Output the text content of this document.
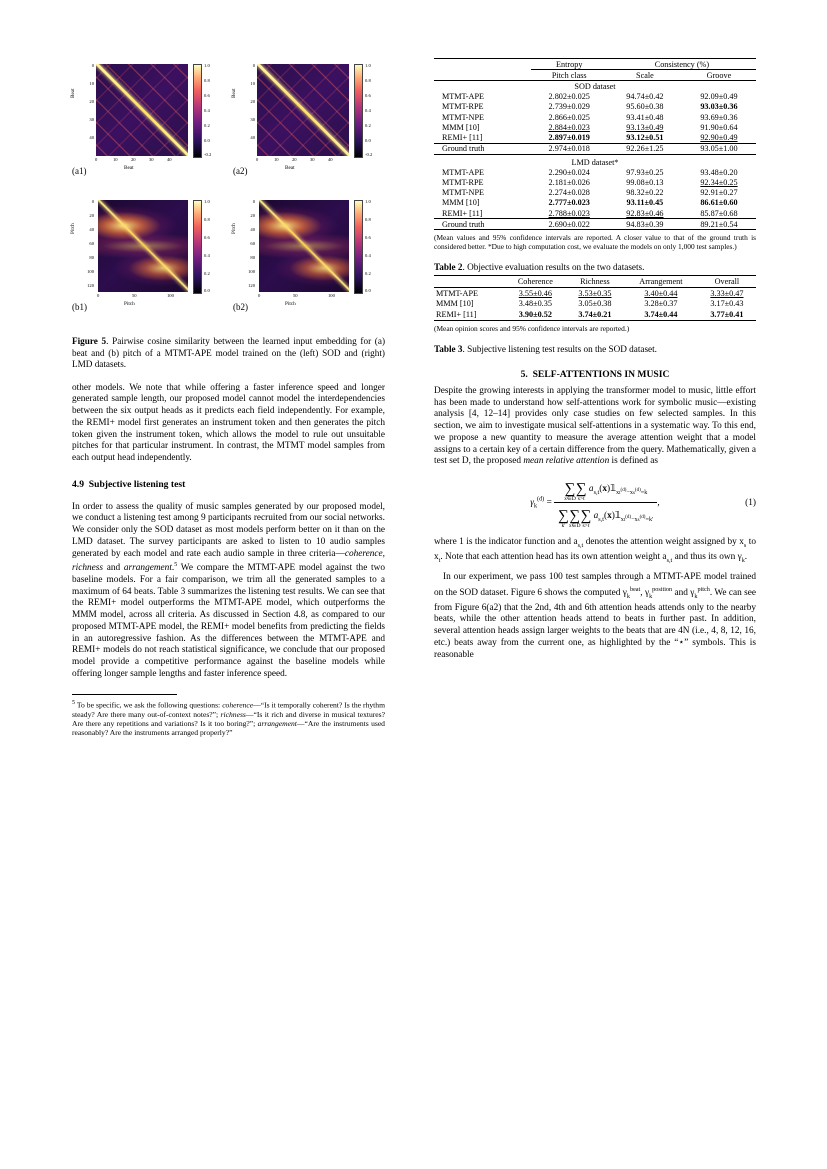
0
10
20
30
40
Beat
0	10	20	30	40
Beat
1.0
0.8
0.6
0.4
0.2
0.0
-0.2
(a1)
0
10
20
30
40
Beat
0	10	20	30	40
Beat
1.0
0.8
0.6
0.4
0.2
0.0
-0.2
(a2)
0
20
40
60
80
100
120
Pitch
0	50	100
Pitch
1.0
0.8
0.6
0.4
0.2
0.0
(b1)
0
20
40
60
80
100
120
Pitch
0	50	100
Pitch
1.0
0.8
0.6
0.4
0.2
0.0
(b2)
Figure 5. Pairwise cosine similarity between the learned input embedding for (a) beat and (b) pitch of a MTMT-APE model trained on the (left) SOD and (right) LMD datasets.
other models. We note that while offering a faster inference speed and longer generated sample length, our proposed model cannot model the interdependencies between the six output heads as it predicts each field independently. For example, the REMI+ model first generates an instrument token and then generates the pitch token given the instrument token, which allows the model to rule out unsuitable pitches for that particular instrument. In contrast, the MTMT model samples from each output head independently.
4.9 Subjective listening test
In order to assess the quality of music samples generated by our proposed model, we conduct a listening test among 9 participants recruited from our social networks. We consider only the SOD dataset as most models perform better on it than on the LMD dataset. The survey participants are asked to listen to 10 audio samples generated by each model and rate each audio sample in three criteria—coherence, richness and arrangement.$^5$ We compare the MTMT-APE model against the two baseline models. For a fair comparison, we trim all the generated samples to a maximum of 64 beats. Table 3 summarizes the listening test results. We can see that the REMI+ model outperforms the MTMT-APE model, which outperforms the MMM model, across all criteria. As discussed in Section 4.8, as compared to our proposed MTMT-APE model, the REMI+ model benefits from predicting the fields in an autoregressive fashion. As the differences between the MTMT-APE and REMI+ models do not reach statistical significance, we conclude that our proposed model provide a competitive performance against the baseline models while offering longer sample lengths and faster inference speed.
$^5$ To be specific, we ask the following questions: coherence—“Is it temporally coherent? Is the rhythm steady? Are there many out-of-context notes?”; richness—“Is it rich and diverse in musical textures? Are there any repetitions and variations? Is it too boring?”; arrangement—“Are the instruments used reasonably? Are the instruments arranged properly?”
	Entropy	Consistency (%)	
	Pitch class	Scale	Groove
SOD dataset			
MTMT-APE	2.802±0.025	94.74±0.42	92.09±0.49
MTMT-RPE	2.739±0.029	95.60±0.38	93.03±0.36
MTMT-NPE	2.866±0.025	93.41±0.48	93.69±0.36
MMM [10]	2.884±0.023	93.13±0.49	91.90±0.64
REMI+ [11]	2.897±0.019	93.12±0.51	92.90±0.49
Ground truth	2.974±0.018	92.26±1.25	93.05±1.00
LMD dataset*			
MTMT-APE	2.290±0.024	97.93±0.25	93.48±0.20
MTMT-RPE	2.181±0.026	99.08±0.13	92.34±0.25
MTMT-NPE	2.274±0.028	98.32±0.22	92.91±0.27
MMM [10]	2.777±0.023	93.11±0.45	86.61±0.60
REMI+ [11]	2.788±0.023	92.83±0.46	85.87±0.68
Ground truth	2.690±0.022	94.83±0.39	89.21±0.54
(Mean values and 95% confidence intervals are reported. A closer value to that of the ground truth is considered better. *Due to high computation cost, we evaluate the models on only 1,000 test samples.)
Table 2. Objective evaluation results on the two datasets.
	Coherence	Richness	Arrangement	Overall
MTMT-APE	3.55±0.46	3.53±0.35	3.40±0.44	3.33±0.47
MMM [10]	3.48±0.35	3.05±0.38	3.28±0.37	3.17±0.43
REMI+ [11]	3.90±0.52	3.74±0.21	3.74±0.44	3.77±0.41
(Mean opinion scores and 95% confidence intervals are reported.)
Table 3. Subjective listening test results on the SOD dataset.
5. SELF-ATTENTIONS IN MUSIC
Despite the growing interests in applying the transformer model to music, little effort has been made to understand how self-attentions work for symbolic music—existing analysis [4, 12–14] provides only case studies on few selected samples. In this section, we aim to investigate musical self-attentions in a systematic way. To this end, we propose a new quantity to measure the average attention weight that a model assigns to a certain key of a certain difference from the query. Mathematically, given a test set D, the proposed mean relative attention is defined as
$\gamma_k^{(d)}$ =
∑
x∈D

∑
s>t
$a_{s,t}(x)𝟙_{xt^{(d)}-xs^{(d)}=k}$

∑
k′

∑
x∈D

∑
s>t
$a_{s,t}(x)𝟙_{xt^{(d)}-xs^{(d)}=k'}$ ,	(1)
where 1 is the indicator function and $a_{s,t}$ denotes the attention weight assigned by $x_s$ to $x_t$. Note that each attention head has its own attention weight $a_{s,t}$ and thus its own $\gamma_k$.
In our experiment, we pass 100 test samples through a MTMT-APE model trained on the SOD dataset. Figure 6 shows the computed $\gamma_k^{beat}$, $\gamma_k^{position}$ and $\gamma_k^{pitch}$. We can see from Figure 6(a2) that the 2nd, 4th and 6th attention heads attends only to the nearby beats, while the other attention heads attend to beats in further past. In addition, several attention heads assign larger weights to the beats that are 4N (i.e., 4, 8, 12, 16, etc.) beats away from the current one, as highlighted by the “⋆” symbols. This is reasonable
